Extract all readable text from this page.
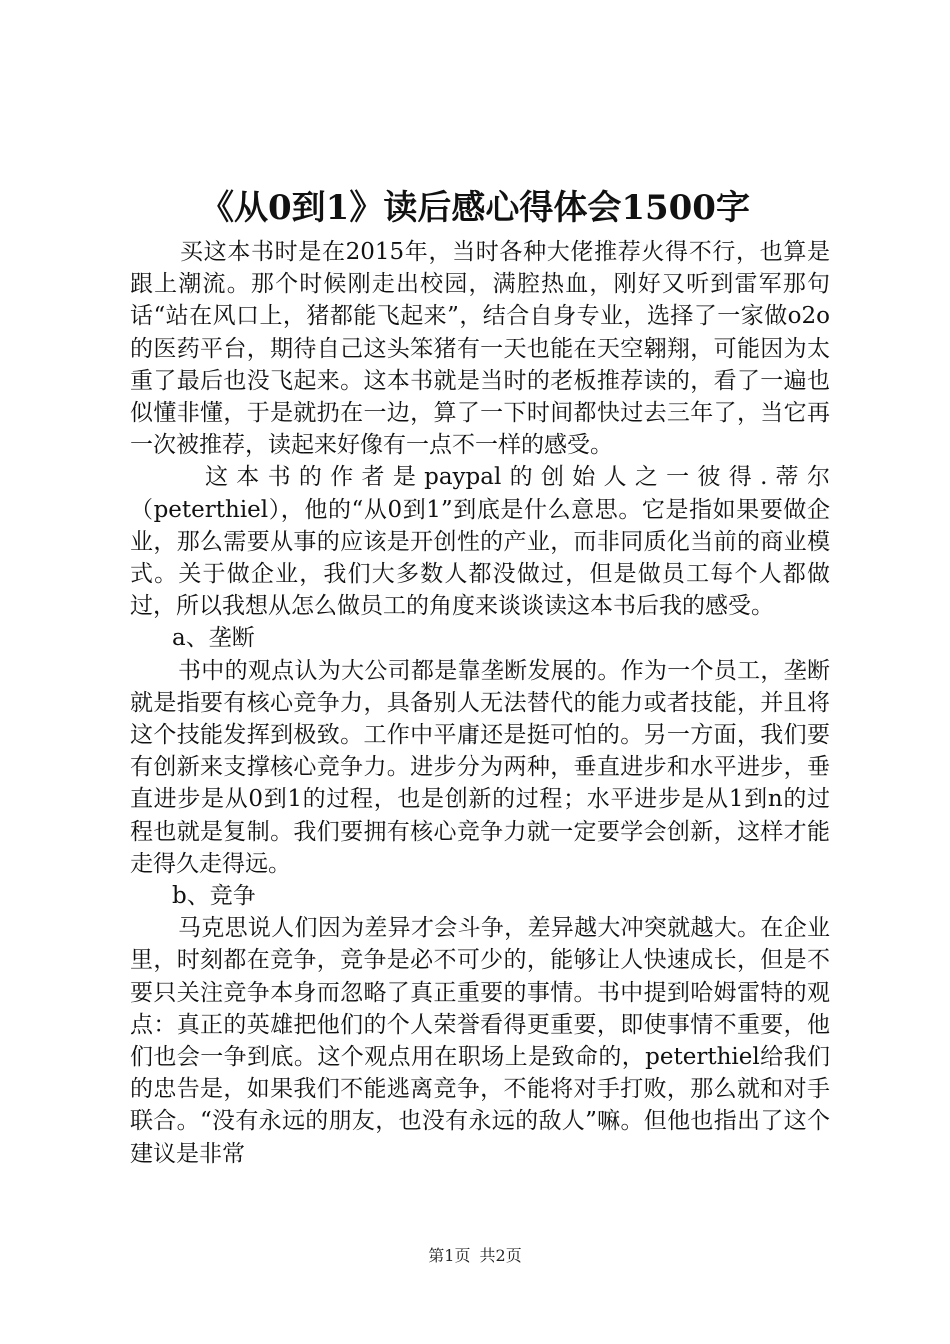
《从0到1》读后感心得体会1500字

买这本书时是在2015年，当时各种大佬推荐火得不行，也算是跟上潮流。那个时候刚走出校园，满腔热血，刚好又听到雷军那句话“站在风口上，猪都能飞起来”，结合自身专业，选择了一家做o2o的医药平台，期待自己这头笨猪有一天也能在天空翱翔，可能因为太重了最后也没飞起来。这本书就是当时的老板推荐读的，看了一遍也似懂非懂，于是就扔在一边，算了一下时间都快过去三年了，当它再一次被推荐，读起来好像有一点不一样的感受。

这本书的作者是paypal的创始人之一彼得.蒂尔（peterthiel），他的“从0到1”到底是什么意思。它是指如果要做企业，那么需要从事的应该是开创性的产业，而非同质化当前的商业模式。关于做企业，我们大多数人都没做过，但是做员工每个人都做过，所以我想从怎么做员工的角度来谈谈读这本书后我的感受。

a、垄断

书中的观点认为大公司都是靠垄断发展的。作为一个员工，垄断就是指要有核心竞争力，具备别人无法替代的能力或者技能，并且将这个技能发挥到极致。工作中平庸还是挺可怕的。另一方面，我们要有创新来支撑核心竞争力。进步分为两种，垂直进步和水平进步，垂直进步是从0到1的过程，也是创新的过程；水平进步是从1到n的过程也就是复制。我们要拥有核心竞争力就一定要学会创新，这样才能走得久走得远。

b、竞争

马克思说人们因为差异才会斗争，差异越大冲突就越大。在企业里，时刻都在竞争，竞争是必不可少的，能够让人快速成长，但是不要只关注竞争本身而忽略了真正重要的事情。书中提到哈姆雷特的观点：真正的英雄把他们的个人荣誉看得更重要，即使事情不重要，他们也会一争到底。这个观点用在职场上是致命的，peterthiel给我们的忠告是，如果我们不能逃离竞争，不能将对手打败，那么就和对手联合。“没有永远的朋友，也没有永远的敌人”嘛。但他也指出了这个建议是非常

第1页 共2页
